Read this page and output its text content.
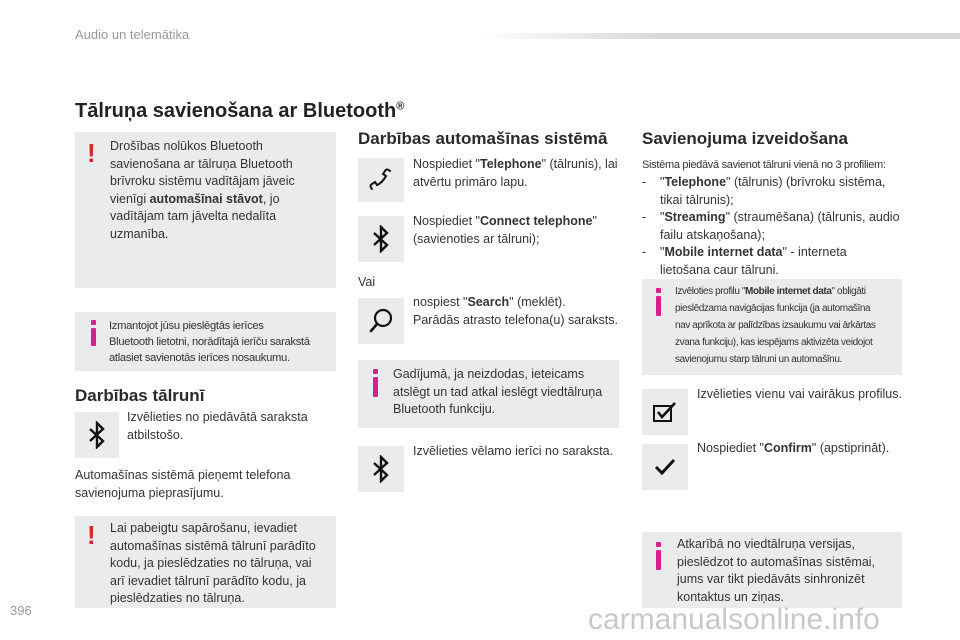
Audio un telemātika
Tālruņa savienošana ar Bluetooth®
! Drošības nolūkos Bluetooth
savienošana ar tālruņa Bluetooth
brīvroku sistēmu vadītājam jāveic
vienīgi automašīnai stāvot, jo
vadītājam tam jāvelta nedalīta
uzmanība.
Izmantojot jūsu pieslēgtās ierīces
Bluetooth lietotni, norādītajā ierīču sarakstā
atlasiet savienotās ierīces nosaukumu.
Darbības tālrunī
Izvēlieties no piedāvātā saraksta
atbilstošo.
Automašīnas sistēmā pieņemt telefona
savienojuma pieprasījumu.
! Lai pabeigtu sapārošanu, ievadiet
automašīnas sistēmā tālrunī parādīto
kodu, ja pieslēdzaties no tālruņa, vai
arī ievadiet tālrunī parādīto kodu, ja
pieslēdzaties no tālruņa.
Darbības automašīnas sistēmā
Nospiediet "Telephone" (tālrunis), lai
atvērtu primāro lapu.
Nospiediet "Connect telephone"
(savienoties ar tālruni);
Vai
nospiest "Search" (meklēt).
Parādās atrasto telefona(u) saraksts.
Gadījumā, ja neizdodas, ieteicams
atslēgt un tad atkal ieslēgt viedtālruņa
Bluetooth funkciju.
Izvēlieties vēlamo ierīci no saraksta.
Savienojuma izveidošana
Sistēma piedāvā savienot tālruni vienā no 3 profiliem:
- "Telephone" (tālrunis) (brīvroku sistēma,
tikai tālrunis);
- "Streaming" (straumēšana) (tālrunis, audio
failu atskaņošana);
- "Mobile internet data" - interneta
lietošana caur tālruni.
Izvēloties profilu "Mobile internet data" obligāti
pieslēdzama navigācijas funkcija (ja automašīna
nav aprīkota ar palīdzības izsaukumu vai ārkārtas
zvana funkciju), kas iespējams aktivizēta veidojot
savienojumu starp tālruni un automašīnu.
Izvēlieties vienu vai vairākus profilus.
Nospiediet "Confirm" (apstiprināt).
Atkarībā no viedtālruņa versijas,
pieslēdzot to automašīnas sistēmai,
jums var tikt piedāvāts sinhronizēt
kontaktus un ziņas.
396	carmanualsonline.info
